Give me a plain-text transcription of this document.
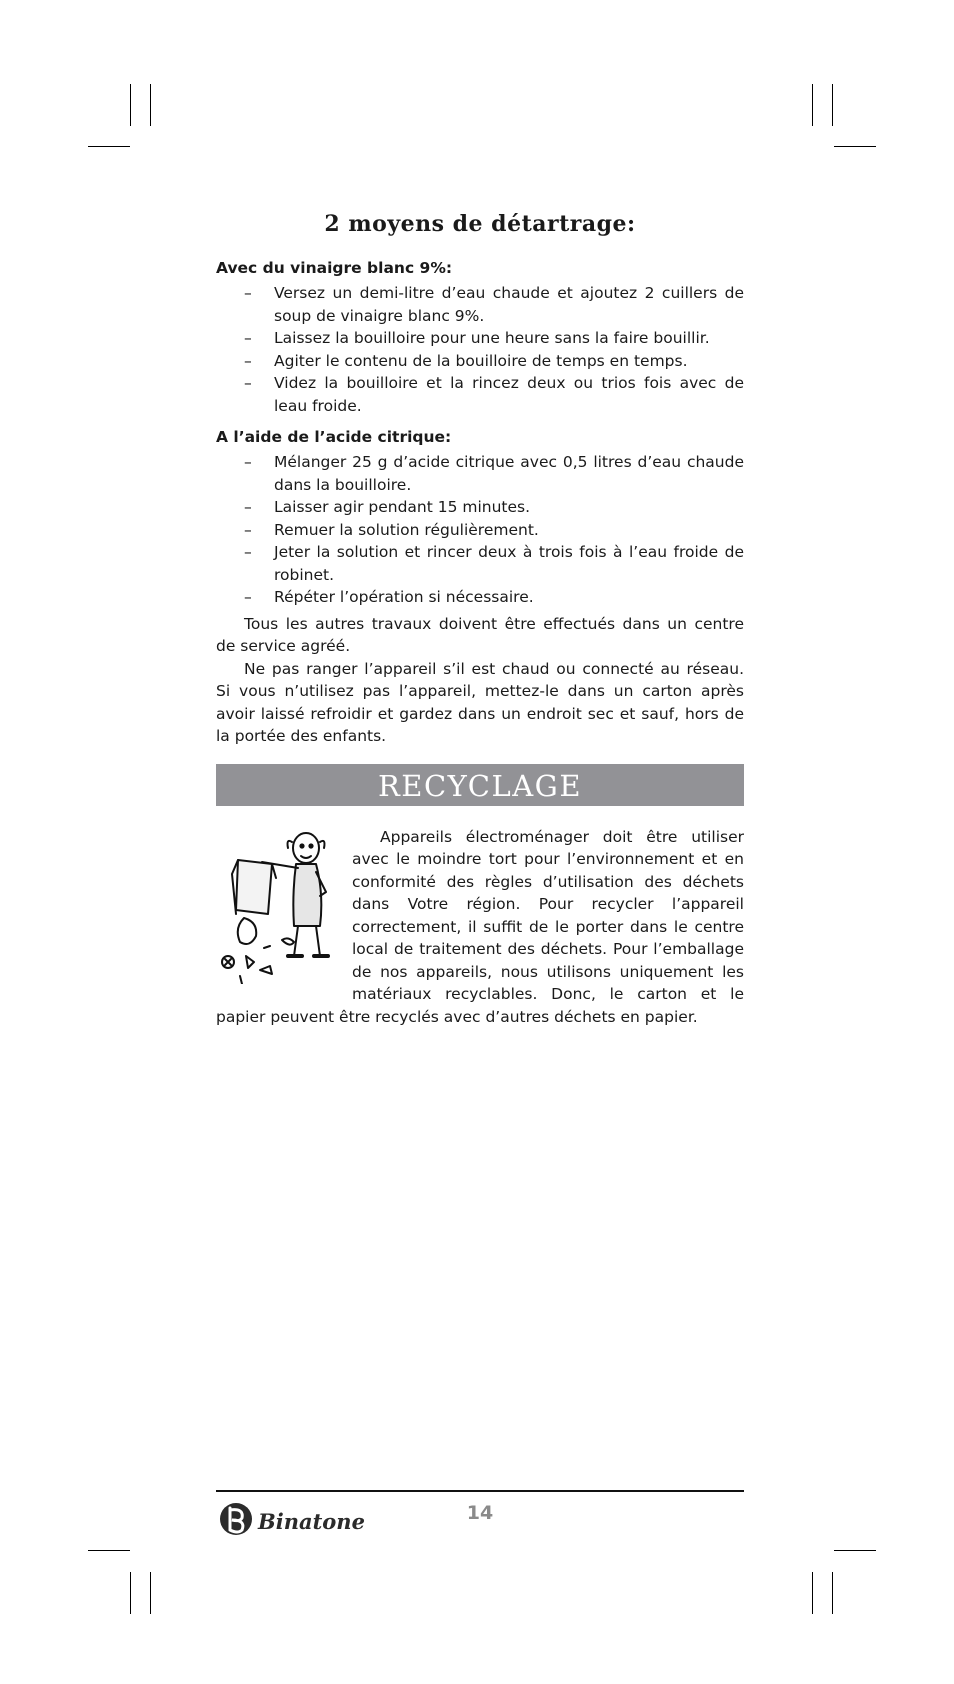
2 moyens de détartrage:
Avec du vinaigre blanc 9%:
– Versez un demi-litre d’eau chaude et ajoutez 2 cuillers de soup de vinaigre blanc 9%.
– Laissez la bouilloire pour une heure sans la faire bouillir.
– Agiter le contenu de la bouilloire de temps en temps.
– Videz la bouilloire et la rincez deux ou trios fois avec de leau froide.
A l’aide de l’acide citrique:
– Mélanger 25 g d’acide citrique avec 0,5 litres d’eau chaude dans la bouilloire.
– Laisser agir pendant 15 minutes.
– Remuer la solution régulièrement.
– Jeter la solution et rincer deux à trois fois à l’eau froide de robinet.
– Répéter l’opération si nécessaire.

Tous les autres travaux doivent être effectués dans un centre de service agréé.

Ne pas ranger l’appareil s’il est chaud ou connecté au réseau. Si vous n’utilisez pas l’appareil, mettez-le dans un carton après avoir laissé refroidir et gardez dans un endroit sec et sauf, hors de la portée des enfants.

RECYCLAGE

Appareils électroménager doit être utiliser avec le moindre tort pour l’environnement et en conformité des règles d’utilisation des déchets dans Votre région. Pour recycler l’appareil correctement, il suffit de le porter dans le centre local de traitement des déchets. Pour l’emballage de nos appareils, nous utilisons uniquement les matériaux recyclables. Donc, le carton et le papier peuvent être recyclés avec d’autres déchets en papier.

Binatone	14
